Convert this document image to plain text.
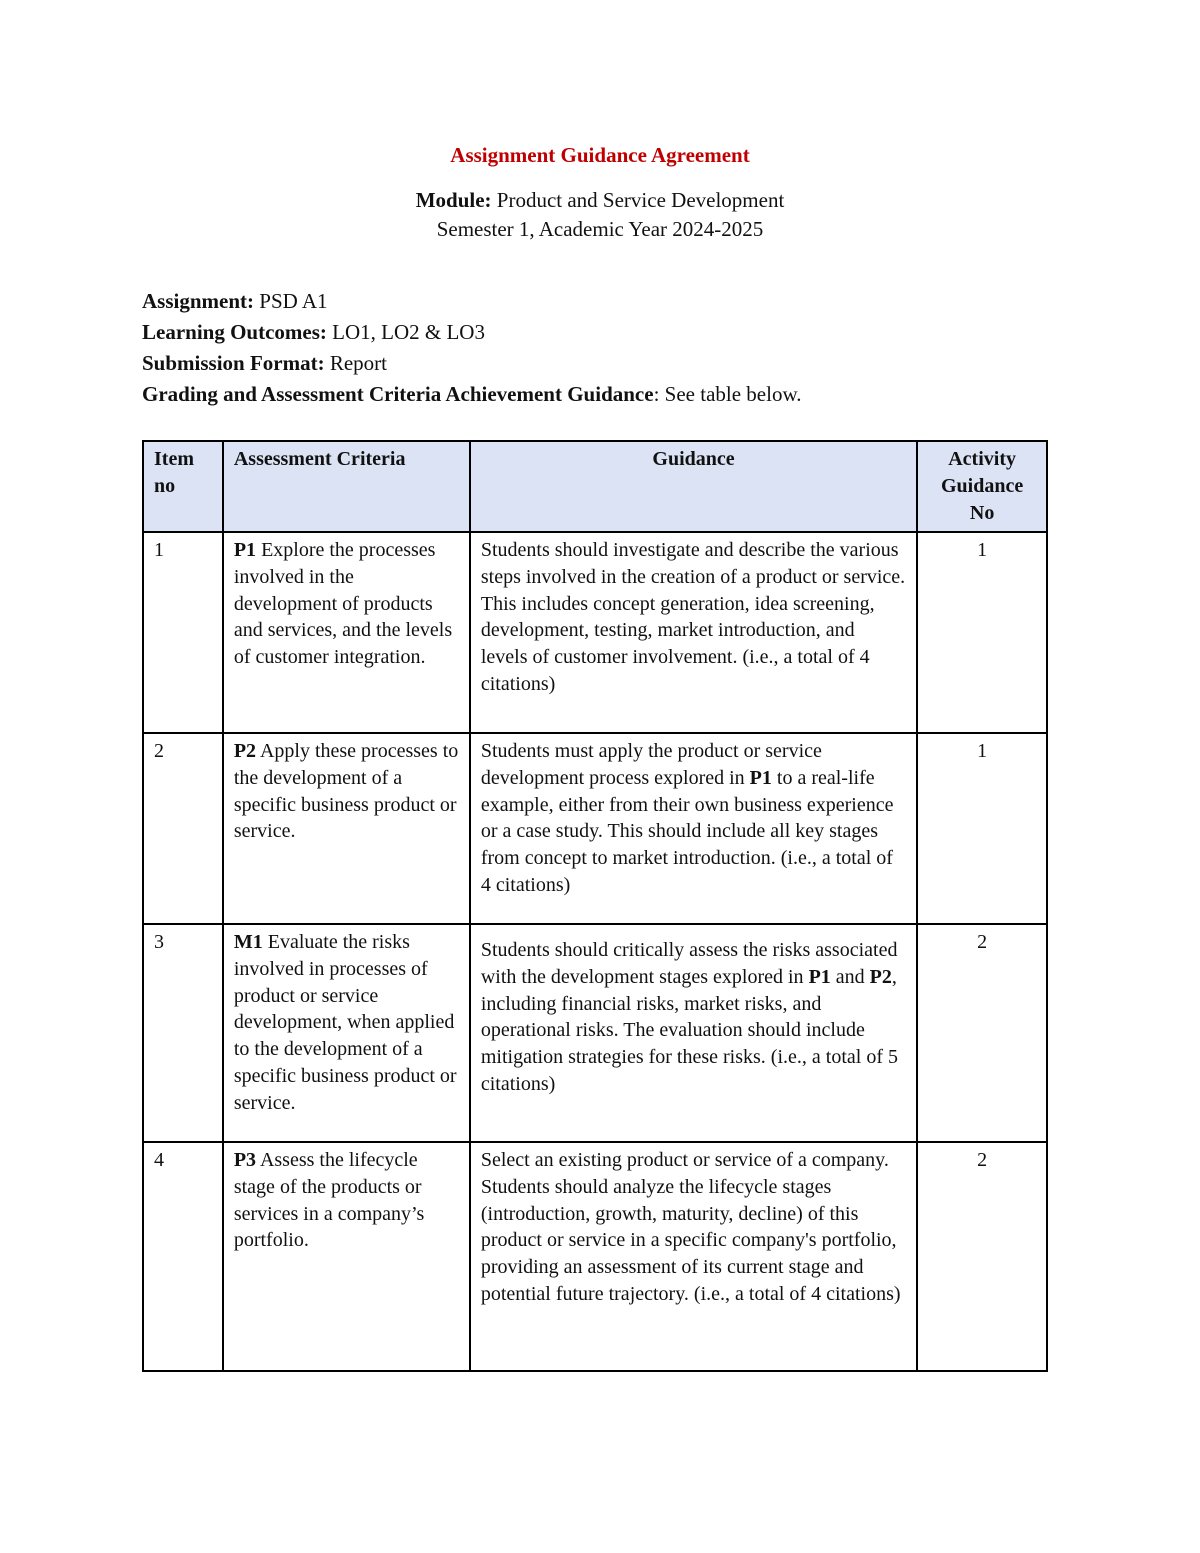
Assignment Guidance Agreement
Module: Product and Service Development
Semester 1, Academic Year 2024-2025
Assignment: PSD A1
Learning Outcomes: LO1, LO2 & LO3
Submission Format: Report
Grading and Assessment Criteria Achievement Guidance: See table below.
Item no	Assessment Criteria	Guidance	Activity Guidance No
1	P1 Explore the processes involved in the development of products and services, and the levels of customer integration.	Students should investigate and describe the various steps involved in the creation of a product or service. This includes concept generation, idea screening, development, testing, market introduction, and levels of customer involvement. (i.e., a total of 4 citations)	1
2	P2 Apply these processes to the development of a specific business product or service.	Students must apply the product or service development process explored in P1 to a real-life example, either from their own business experience or a case study. This should include all key stages from concept to market introduction. (i.e., a total of 4 citations)	1
3	M1 Evaluate the risks involved in processes of product or service development, when applied to the development of a specific business product or service.	Students should critically assess the risks associated with the development stages explored in P1 and P2, including financial risks, market risks, and operational risks. The evaluation should include mitigation strategies for these risks. (i.e., a total of 5 citations)	2
4	P3 Assess the lifecycle stage of the products or services in a company’s portfolio.	Select an existing product or service of a company. Students should analyze the lifecycle stages (introduction, growth, maturity, decline) of this product or service in a specific company's portfolio, providing an assessment of its current stage and potential future trajectory. (i.e., a total of 4 citations)	2
